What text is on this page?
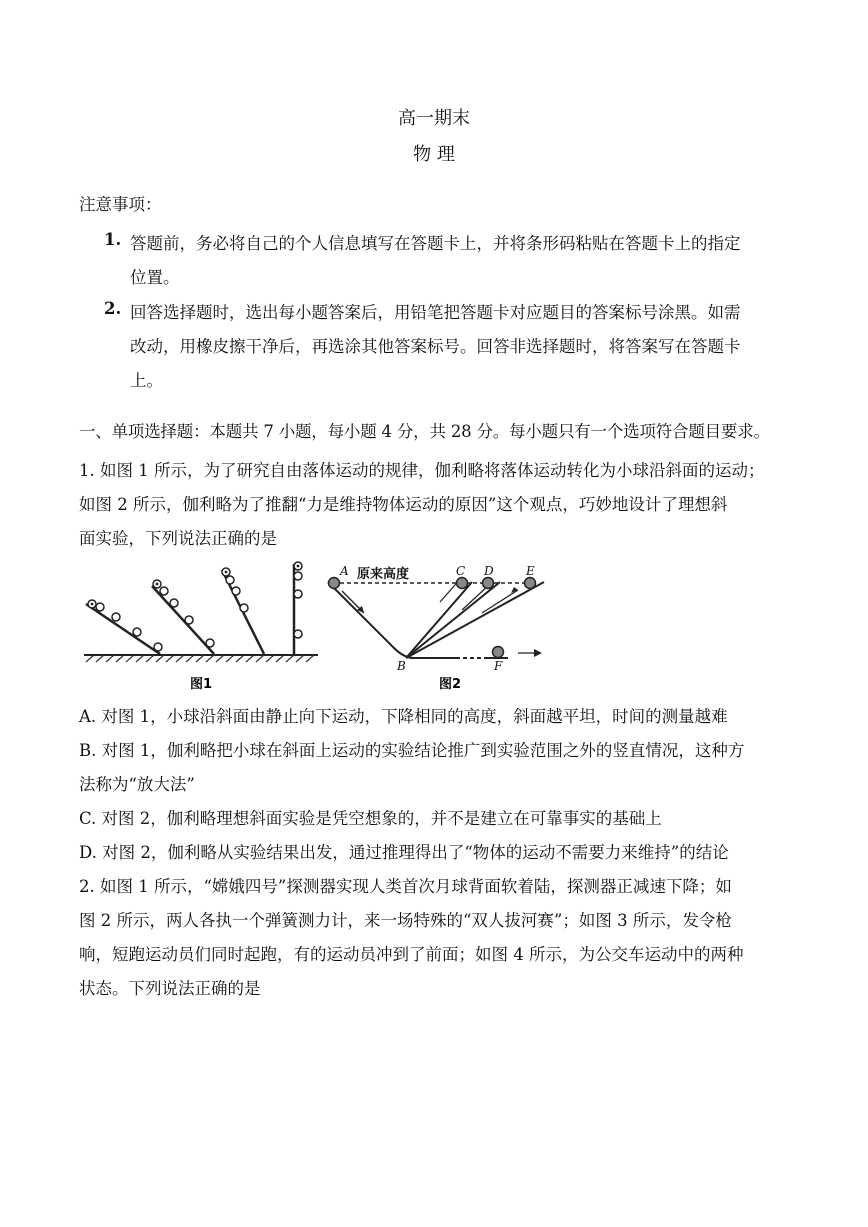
高一期末
物 理
注意事项：
1. 答题前，务必将自己的个人信息填写在答题卡上，并将条形码粘贴在答题卡上的指定
位置。
2. 回答选择题时，选出每小题答案后，用铅笔把答题卡对应题目的答案标号涂黑。如需
改动，用橡皮擦干净后，再选涂其他答案标号。回答非选择题时，将答案写在答题卡
上。
一、单项选择题：本题共 7 小题，每小题 4 分，共 28 分。每小题只有一个选项符合题目要求。
1. 如图 1 所示，为了研究自由落体运动的规律，伽利略将落体运动转化为小球沿斜面的运动；
如图 2 所示，伽利略为了推翻“力是维持物体运动的原因”这个观点，巧妙地设计了理想斜
面实验，下列说法正确的是
图1
原来高度
A
B
C D	E
F
图2
A. 对图 1，小球沿斜面由静止向下运动，下降相同的高度，斜面越平坦，时间的测量越难
B. 对图 1，伽利略把小球在斜面上运动的实验结论推广到实验范围之外的竖直情况，这种方
法称为“放大法”
C. 对图 2，伽利略理想斜面实验是凭空想象的，并不是建立在可靠事实的基础上
D. 对图 2，伽利略从实验结果出发，通过推理得出了“物体的运动不需要力来维持”的结论
2. 如图 1 所示，“嫦娥四号”探测器实现人类首次月球背面软着陆，探测器正减速下降；如
图 2 所示，两人各执一个弹簧测力计，来一场特殊的“双人拔河赛”；如图 3 所示，发令枪
响，短跑运动员们同时起跑，有的运动员冲到了前面；如图 4 所示，为公交车运动中的两种
状态。下列说法正确的是
